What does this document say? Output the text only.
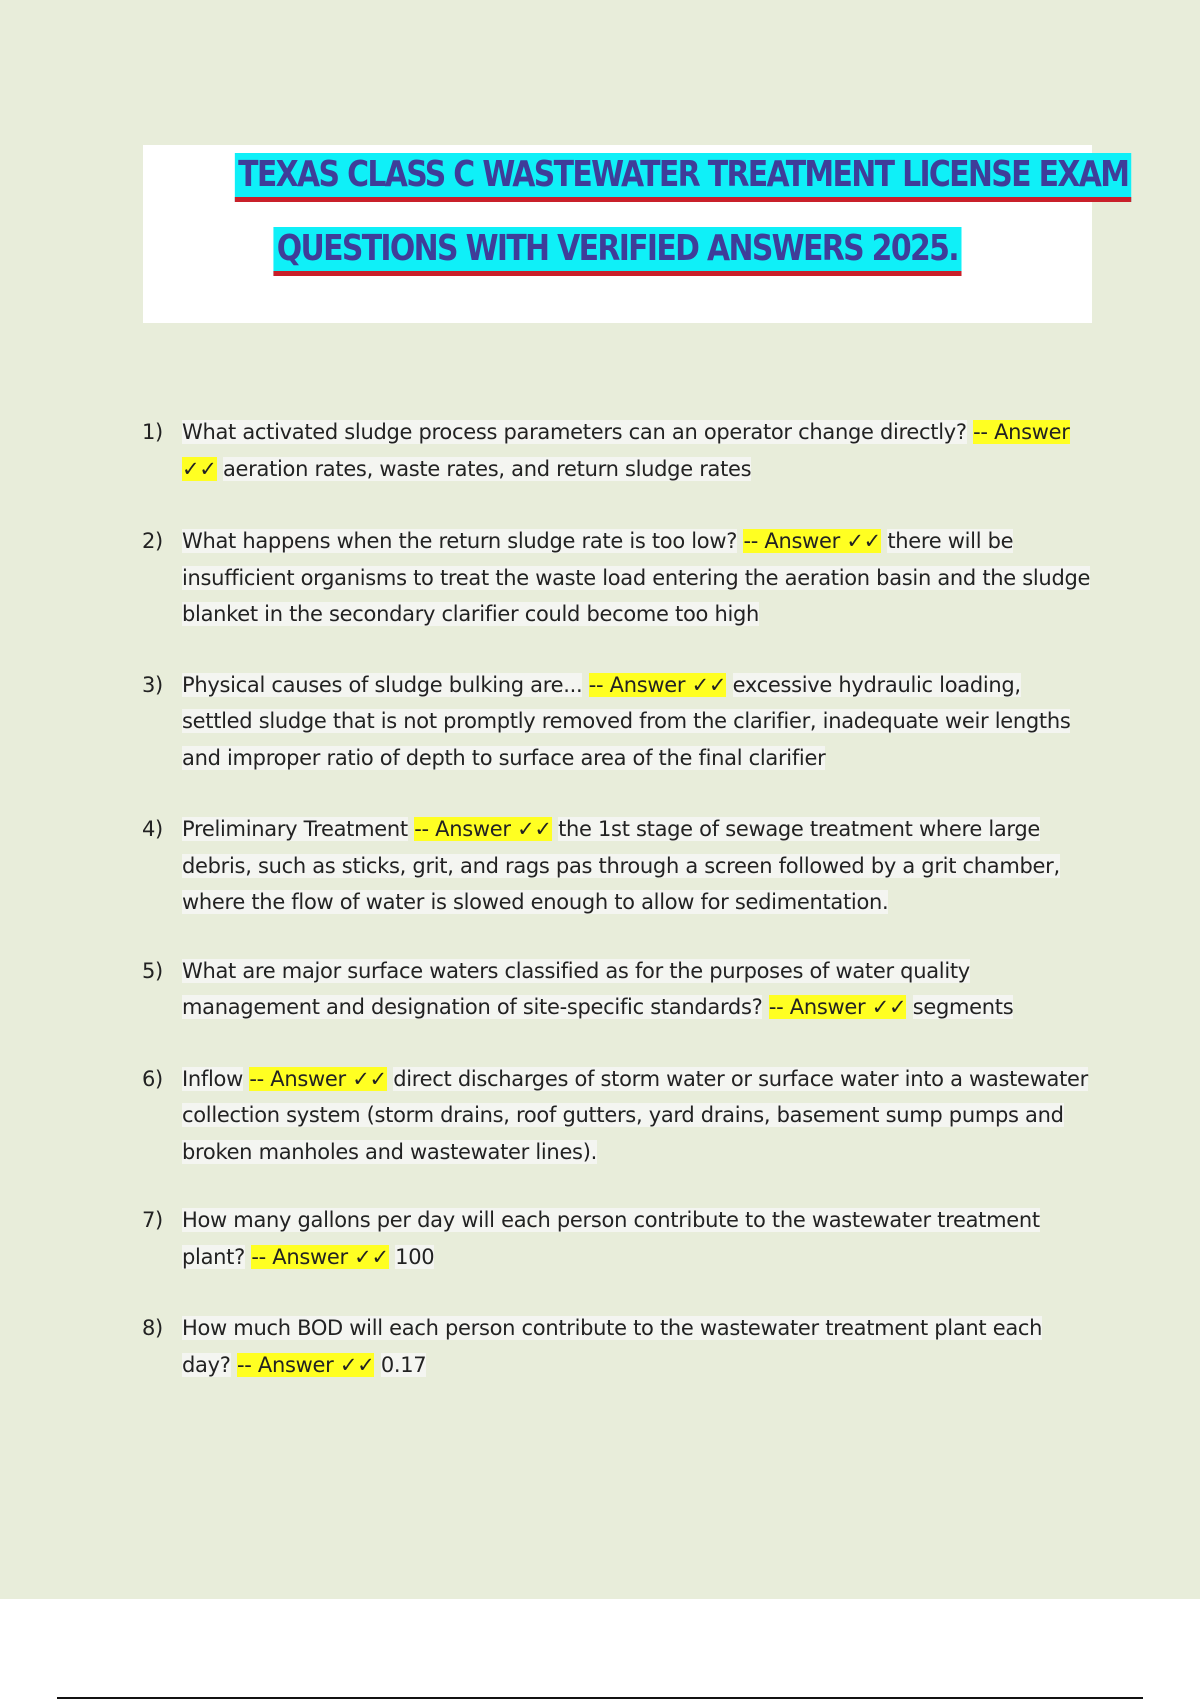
TEXAS CLASS C WASTEWATER TREATMENT LICENSE EXAM
QUESTIONS WITH VERIFIED ANSWERS 2025.
1) What activated sludge process parameters can an operator change directly? -- Answer ✓✓ aeration rates, waste rates, and return sludge rates
2) What happens when the return sludge rate is too low? -- Answer ✓✓ there will be insufficient organisms to treat the waste load entering the aeration basin and the sludge blanket in the secondary clarifier could become too high
3) Physical causes of sludge bulking are... -- Answer ✓✓ excessive hydraulic loading, settled sludge that is not promptly removed from the clarifier, inadequate weir lengths and improper ratio of depth to surface area of the final clarifier
4) Preliminary Treatment -- Answer ✓✓ the 1st stage of sewage treatment where large debris, such as sticks, grit, and rags pas through a screen followed by a grit chamber, where the flow of water is slowed enough to allow for sedimentation.
5) What are major surface waters classified as for the purposes of water quality management and designation of site-specific standards? -- Answer ✓✓ segments
6) Inflow -- Answer ✓✓ direct discharges of storm water or surface water into a wastewater collection system (storm drains, roof gutters, yard drains, basement sump pumps and broken manholes and wastewater lines).
7) How many gallons per day will each person contribute to the wastewater treatment plant? -- Answer ✓✓ 100
8) How much BOD will each person contribute to the wastewater treatment plant each day? -- Answer ✓✓ 0.17
